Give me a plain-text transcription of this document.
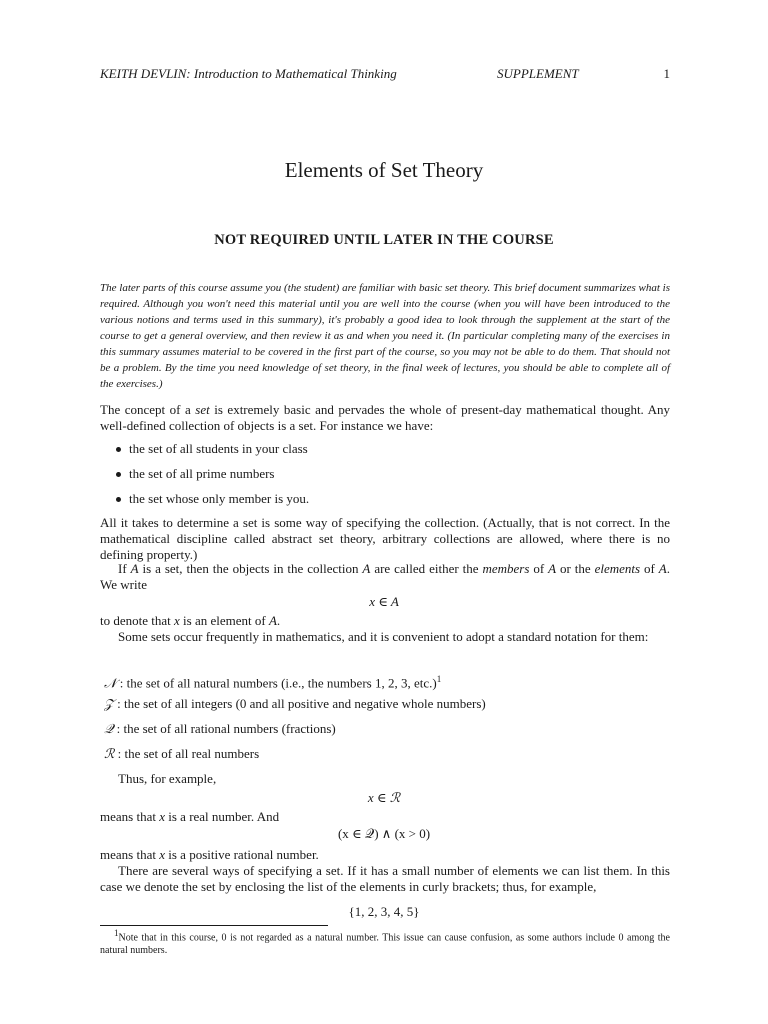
KEITH DEVLIN: Introduction to Mathematical Thinking	SUPPLEMENT	1
Elements of Set Theory
NOT REQUIRED UNTIL LATER IN THE COURSE
The later parts of this course assume you (the student) are familiar with basic set theory. This brief document summarizes what is required. Although you won't need this material until you are well into the course (when you will have been introduced to the various notions and terms used in this summary), it's probably a good idea to look through the supplement at the start of the course to get a general overview, and then review it as and when you need it. (In particular completing many of the exercises in this summary assumes material to be covered in the first part of the course, so you may not be able to do them. That should not be a problem. By the time you need knowledge of set theory, in the final week of lectures, you should be able to complete all of the exercises.)
The concept of a set is extremely basic and pervades the whole of present-day mathematical thought. Any well-defined collection of objects is a set. For instance we have:
the set of all students in your class
the set of all prime numbers
the set whose only member is you.
All it takes to determine a set is some way of specifying the collection. (Actually, that is not correct. In the mathematical discipline called abstract set theory, arbitrary collections are allowed, where there is no defining property.)
If A is a set, then the objects in the collection A are called either the members of A or the elements of A. We write
x ∈ A
to denote that x is an element of A.
Some sets occur frequently in mathematics, and it is convenient to adopt a standard notation for them:
𝒩 : the set of all natural numbers (i.e., the numbers 1, 2, 3, etc.)$^1$
𝒵 : the set of all integers (0 and all positive and negative whole numbers)
𝒬 : the set of all rational numbers (fractions)
ℛ : the set of all real numbers
Thus, for example,
x ∈ ℛ
means that x is a real number. And
(x ∈ 𝒬) ∧ (x > 0)
means that x is a positive rational number.
There are several ways of specifying a set. If it has a small number of elements we can list them. In this case we denote the set by enclosing the list of the elements in curly brackets; thus, for example,
{1, 2, 3, 4, 5}
$^1$Note that in this course, 0 is not regarded as a natural number. This issue can cause confusion, as some authors include 0 among the natural numbers.
